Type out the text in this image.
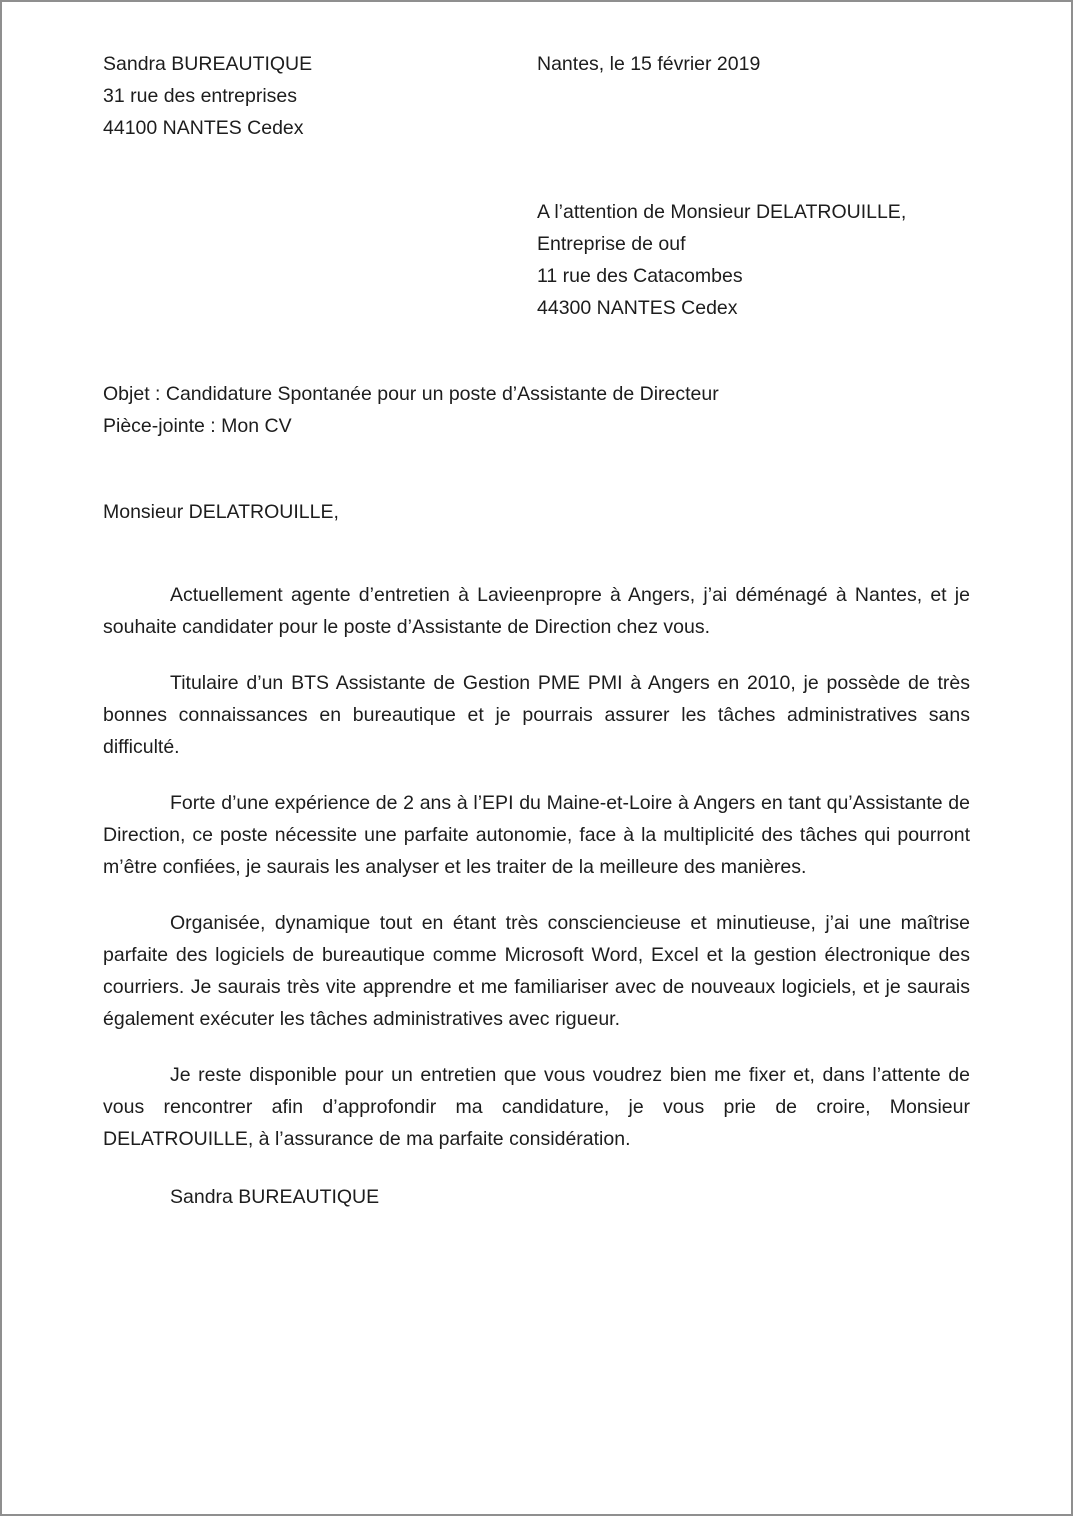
Sandra BUREAUTIQUE
31 rue des entreprises
44100 NANTES Cedex
Nantes, le 15 février 2019
A l’attention de Monsieur DELATROUILLE,
Entreprise de ouf
11 rue des Catacombes
44300 NANTES Cedex
Objet : Candidature Spontanée pour un poste d’Assistante de Directeur
Pièce-jointe : Mon CV
Monsieur DELATROUILLE,

Actuellement agente d’entretien à Lavieenpropre à Angers, j’ai déménagé à Nantes, et je souhaite candidater pour le poste d’Assistante de Direction chez vous.

Titulaire d’un BTS Assistante de Gestion PME PMI à Angers en 2010, je possède de très bonnes connaissances en bureautique et je pourrais assurer les tâches administratives sans difficulté.

Forte d’une expérience de 2 ans à l’EPI du Maine-et-Loire à Angers en tant qu’Assistante de Direction, ce poste nécessite une parfaite autonomie, face à la multiplicité des tâches qui pourront m’être confiées, je saurais les analyser et les traiter de la meilleure des manières.

Organisée, dynamique tout en étant très consciencieuse et minutieuse, j’ai une maîtrise parfaite des logiciels de bureautique comme Microsoft Word, Excel et la gestion électronique des courriers. Je saurais très vite apprendre et me familiariser avec de nouveaux logiciels, et je saurais également exécuter les tâches administratives avec rigueur.

Je reste disponible pour un entretien que vous voudrez bien me fixer et, dans l’attente de vous rencontrer afin d’approfondir ma candidature, je vous prie de croire, Monsieur DELATROUILLE, à l’assurance de ma parfaite considération.

Sandra BUREAUTIQUE
